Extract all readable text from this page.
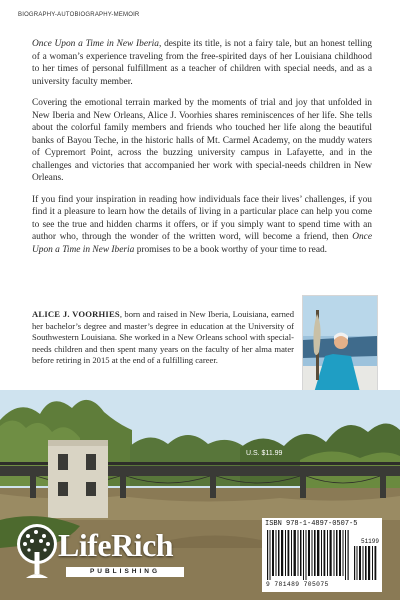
BIOGRAPHY-AUTOBIOGRAPHY-MEMOIR

Once Upon a Time in New Iberia, despite its title, is not a fairy tale, but an honest telling of a woman’s experience traveling from the free-spirited days of her Louisiana childhood to her times of personal fulfillment as a teacher of children with special needs, and as a university faculty member.

Covering the emotional terrain marked by the moments of trial and joy that unfolded in New Iberia and New Orleans, Alice J. Voorhies shares reminiscences of her life. She tells about the colorful family members and friends who touched her life along the beautiful banks of Bayou Teche, in the historic halls of Mt. Carmel Academy, on the muddy waters of Cypremort Point, across the buzzing university campus in Lafayette, and in the challenges and victories that accompanied her work with special-needs children in New Orleans.

If you find your inspiration in reading how individuals face their lives’ challenges, if you find it a pleasure to learn how the details of living in a particular place can help you come to see the true and hidden charms it offers, or if you simply want to spend time with an author who, through the wonder of the written word, will become a friend, then Once Upon a Time in New Iberia promises to be a book worthy of your time to read.

ALICE J. VOORHIES, born and raised in New Iberia, Louisiana, earned her bachelor’s degree and master’s degree in education at the University of Southwestern Louisiana. She worked in a New Orleans school with special-needs children and then spent many years on the faculty of her alma mater before retiring in 2015 at the end of a fulfilling career.
U.S. $11.99
ISBN 978-1-4897-0507-5
51199
9 781489 705075
LifeRich
PUBLISHING
